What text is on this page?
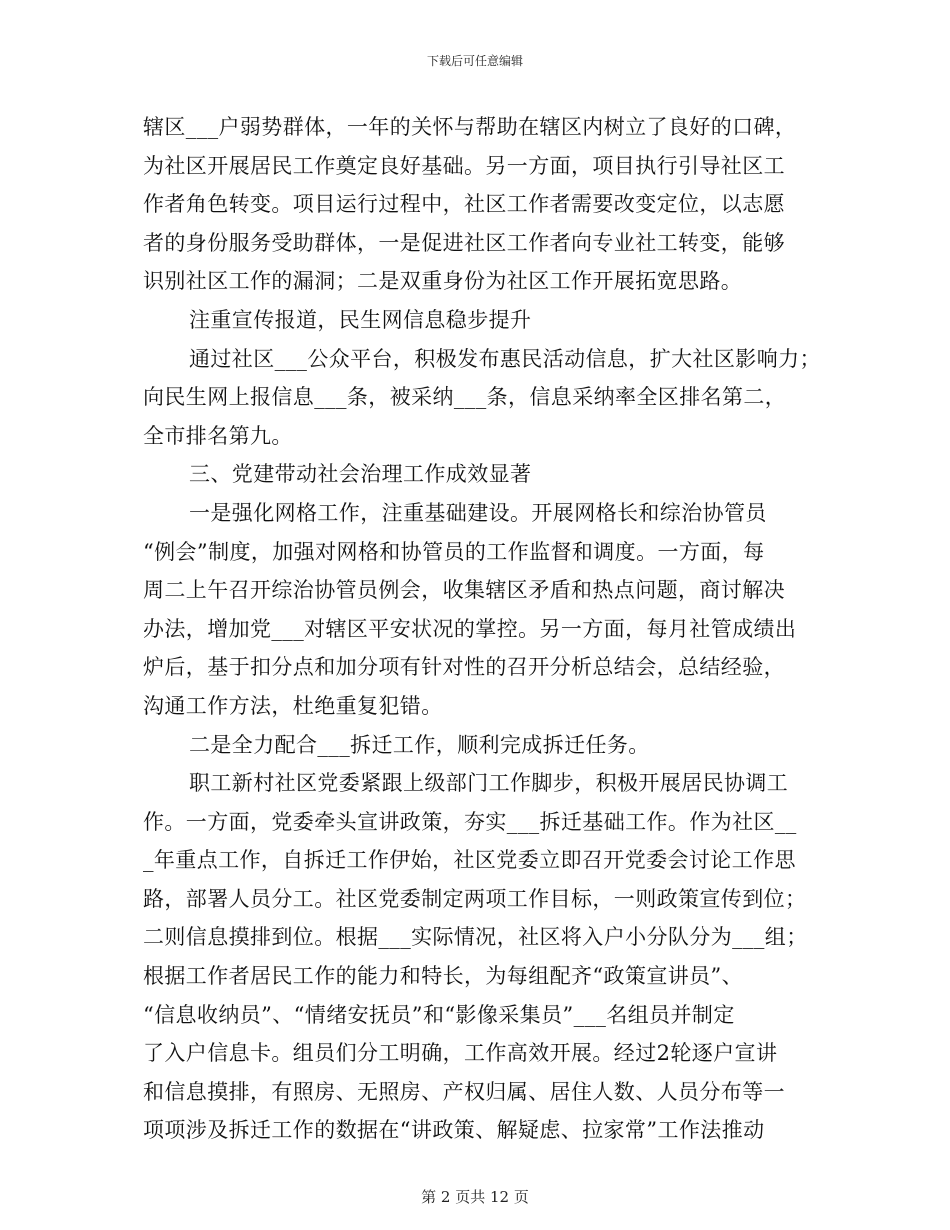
下载后可任意编辑
辖区___户弱势群体，一年的关怀与帮助在辖区内树立了良好的口碑，
为社区开展居民工作奠定良好基础。另一方面，项目执行引导社区工
作者角色转变。项目运行过程中，社区工作者需要改变定位，以志愿
者的身份服务受助群体，一是促进社区工作者向专业社工转变，能够
识别社区工作的漏洞；二是双重身份为社区工作开展拓宽思路。
注重宣传报道，民生网信息稳步提升
通过社区___公众平台，积极发布惠民活动信息，扩大社区影响力；
向民生网上报信息___条，被采纳___条，信息采纳率全区排名第二，
全市排名第九。
三、党建带动社会治理工作成效显著
一是强化网格工作，注重基础建设。开展网格长和综治协管员
“例会”制度，加强对网格和协管员的工作监督和调度。一方面，每
周二上午召开综治协管员例会，收集辖区矛盾和热点问题，商讨解决
办法，增加党___对辖区平安状况的掌控。另一方面，每月社管成绩出
炉后，基于扣分点和加分项有针对性的召开分析总结会，总结经验，
沟通工作方法，杜绝重复犯错。
二是全力配合___拆迁工作，顺利完成拆迁任务。
职工新村社区党委紧跟上级部门工作脚步，积极开展居民协调工
作。一方面，党委牵头宣讲政策，夯实___拆迁基础工作。作为社区__
_年重点工作，自拆迁工作伊始，社区党委立即召开党委会讨论工作思
路，部署人员分工。社区党委制定两项工作目标，一则政策宣传到位；
二则信息摸排到位。根据___实际情况，社区将入户小分队分为___组；
根据工作者居民工作的能力和特长，为每组配齐“政策宣讲员”、
“信息收纳员”、“情绪安抚员”和“影像采集员”___名组员并制定
了入户信息卡。组员们分工明确，工作高效开展。经过2轮逐户宣讲
和信息摸排，有照房、无照房、产权归属、居住人数、人员分布等一
项项涉及拆迁工作的数据在“讲政策、解疑虑、拉家常”工作法推动
第 2 页共 12 页
